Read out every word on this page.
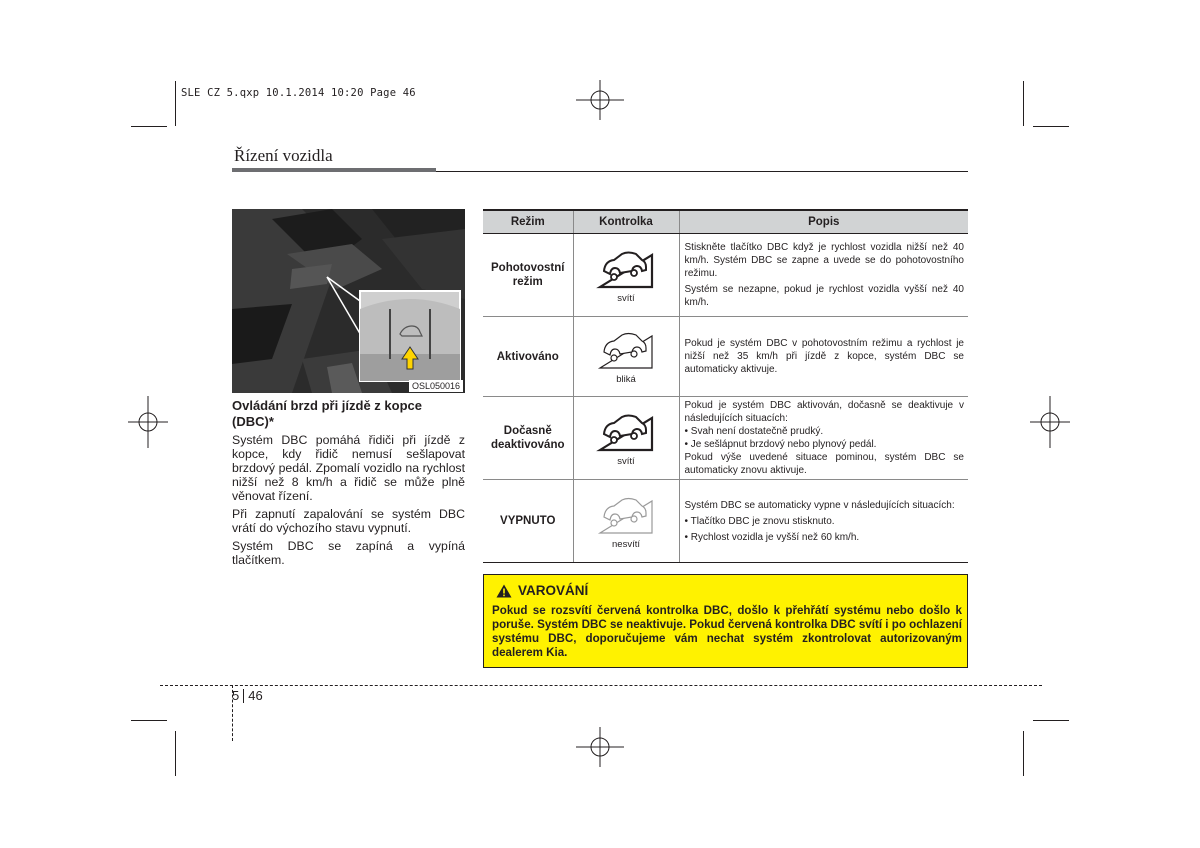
SLE CZ 5.qxp 10.1.2014 10:20 Page 46
Řízení vozidla
OSL050016
Ovládání brzd při jízdě z kopce (DBC)*

Systém DBC pomáhá řidiči při jízdě z kopce, kdy řidič nemusí sešlapovat brzdový pedál. Zpomalí vozidlo na rychlost nižší než 8 km/h a řidič se může plně věnovat řízení.

Při zapnutí zapalování se systém DBC vrátí do výchozího stavu vypnutí.

Systém DBC se zapíná a vypíná tlačítkem.

Režim	Kontrolka	Popis
Pohotovostní režim	svítí	Stiskněte tlačítko DBC když je rychlost vozidla nižší než 40 km/h. Systém DBC se zapne a uvede se do pohotovostního režimu.
Systém se nezapne, pokud je rychlost vozidla vyšší než 40 km/h.

Aktivováno	bliká	Pokud je systém DBC v pohotovostním režimu a rychlost je nižší než 35 km/h při jízdě z kopce, systém DBC se automaticky aktivuje.

Dočasně deaktivováno	svítí	Pokud je systém DBC aktivován, dočasně se deaktivuje v následujících situacích:
• Svah není dostatečně prudký.
• Je sešlápnut brzdový nebo plynový pedál.
Pokud výše uvedené situace pominou, systém DBC se automaticky znovu aktivuje.

VYPNUTO	nesvítí	Systém DBC se automaticky vypne v následujících situacích:
• Tlačítko DBC je znovu stisknuto.
• Rychlost vozidla je vyšší než 60 km/h.
VAROVÁNÍ
Pokud se rozsvítí červená kontrolka DBC, došlo k přehřátí systému nebo došlo k poruše. Systém DBC se neaktivuje. Pokud červená kontrolka DBC svítí i po ochlazení systému DBC, doporučujeme vám nechat systém zkontrolovat autorizovaným dealerem Kia.
5 46
